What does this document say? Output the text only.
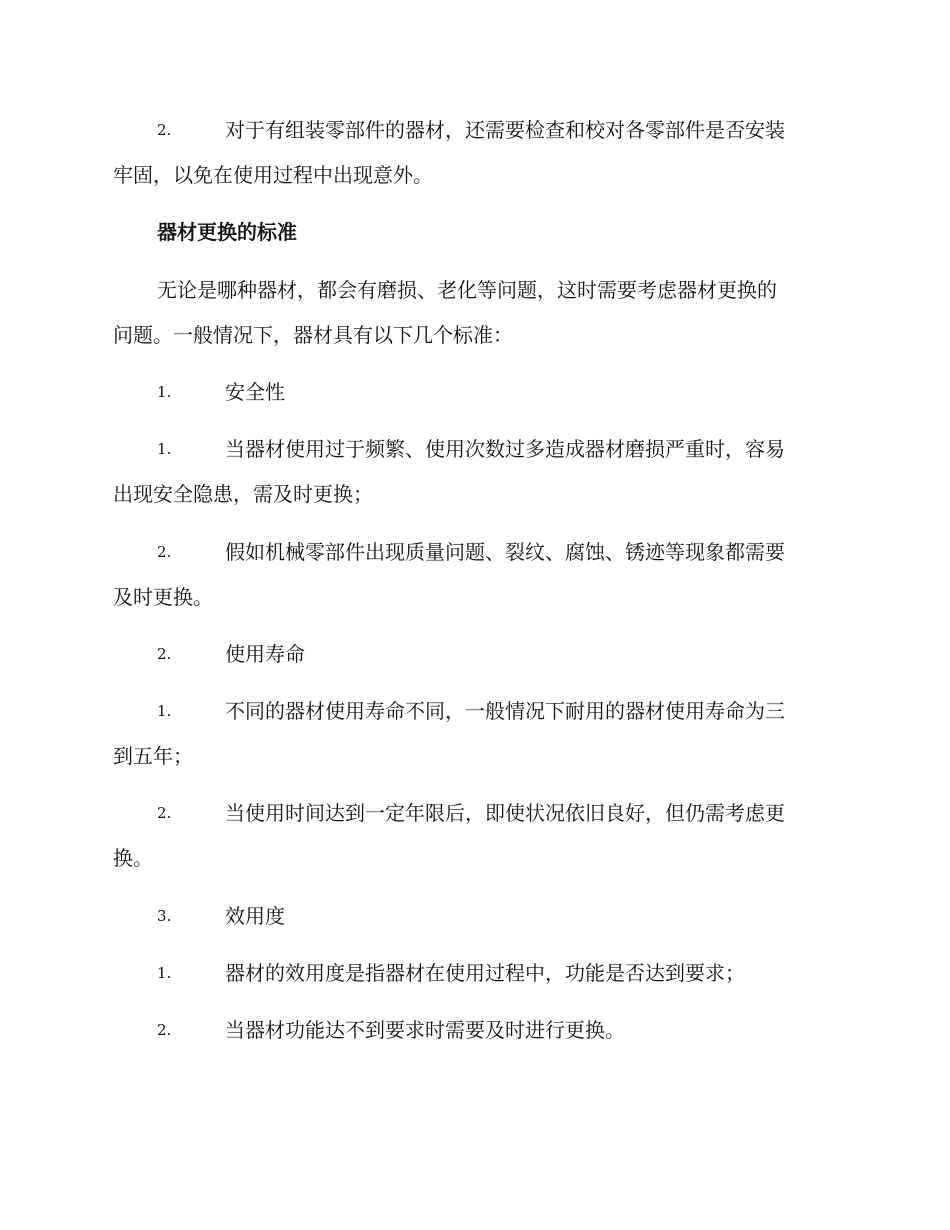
2.	对于有组装零部件的器材，还需要检查和校对各零部件是否安装
牢固，以免在使用过程中出现意外。
器材更换的标准
无论是哪种器材，都会有磨损、老化等问题，这时需要考虑器材更换的
问题。一般情况下，器材具有以下几个标准：
1.	安全性
1.	当器材使用过于频繁、使用次数过多造成器材磨损严重时，容易
出现安全隐患，需及时更换；
2.	假如机械零部件出现质量问题、裂纹、腐蚀、锈迹等现象都需要
及时更换。
2.	使用寿命
1.	不同的器材使用寿命不同，一般情况下耐用的器材使用寿命为三
到五年；
2.	当使用时间达到一定年限后，即使状况依旧良好，但仍需考虑更
换。
3.	效用度
1.	器材的效用度是指器材在使用过程中，功能是否达到要求；
2.	当器材功能达不到要求时需要及时进行更换。
